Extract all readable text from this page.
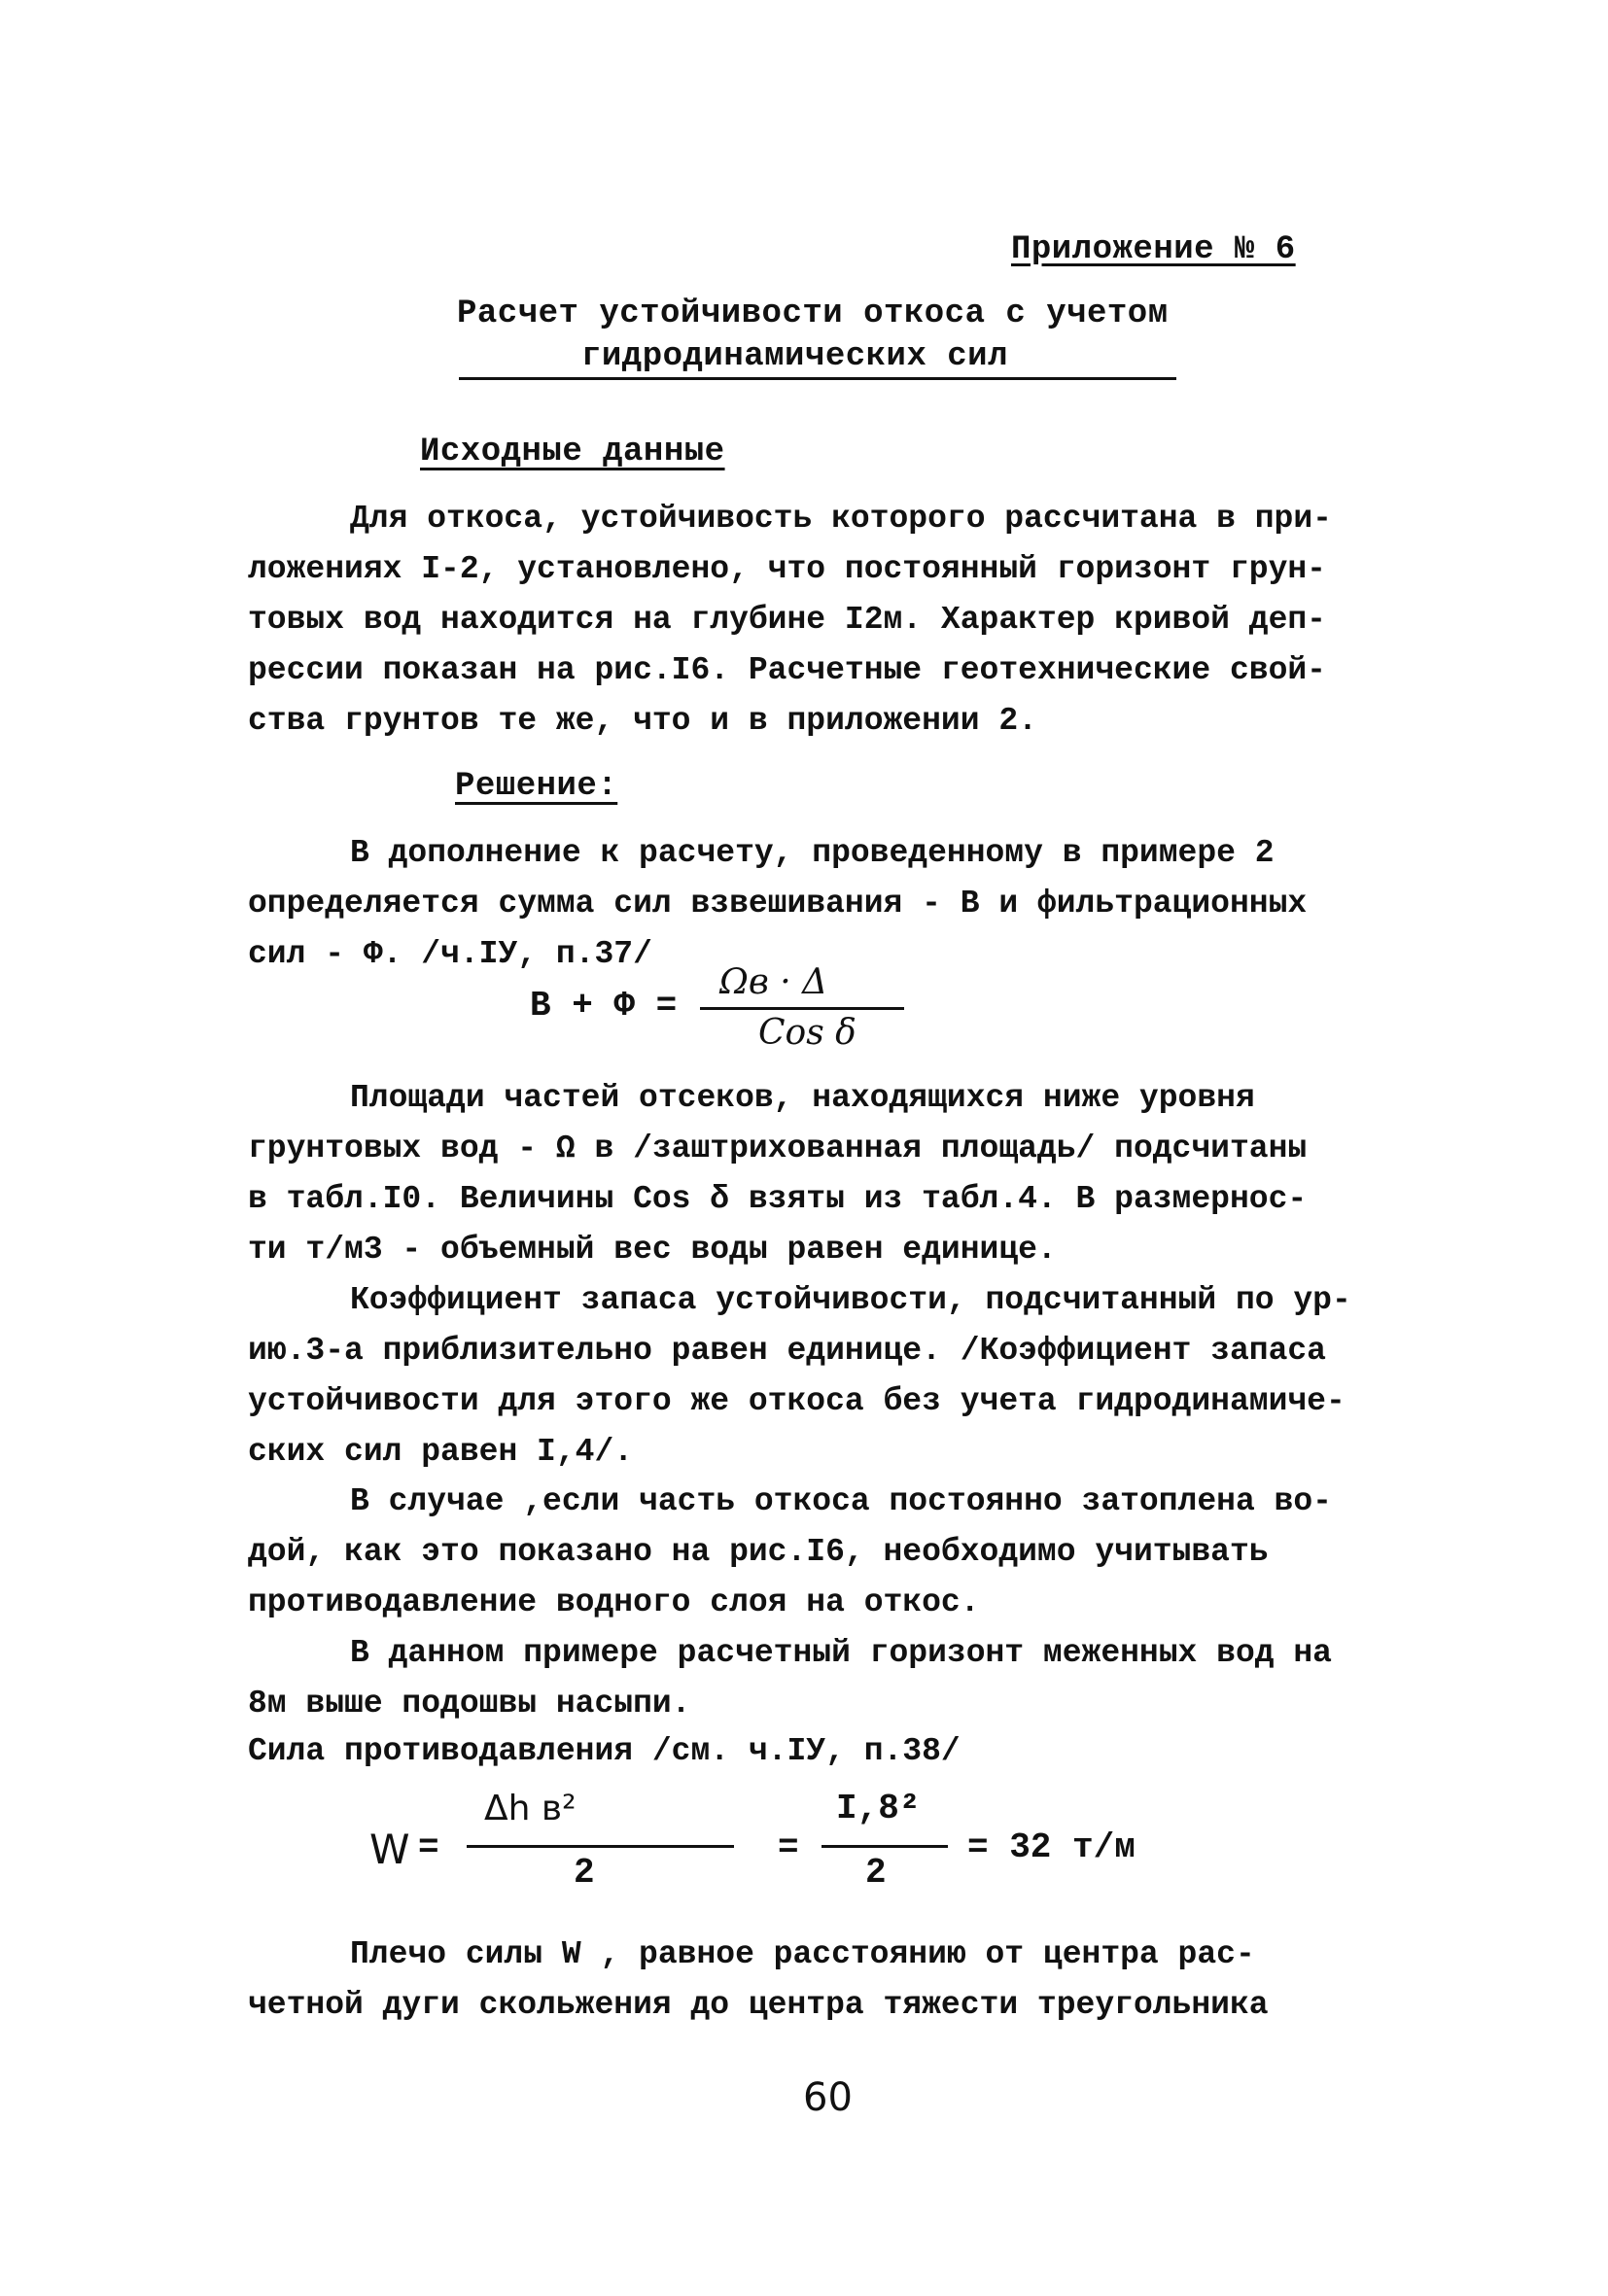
Приложение № 6
Расчет устойчивости откоса с учетом
гидродинамических сил
Исходные данные
Для откоса, устойчивость которого рассчитана в при-
ложениях I-2, установлено, что постоянный горизонт грун-
товых вод находится на глубине I2м. Характер кривой деп-
рессии показан на рис.I6. Расчетные геотехнические свой-
ства грунтов те же, что и в приложении 2.
Решение:
В дополнение к расчету, проведенному в примере 2
определяется сумма сил взвешивания - В и фильтрационных
сил - Ф. /ч.IУ, п.37/
В + Ф =
Ωв · Δ
Cos δ
Площади частей отсеков, находящихся ниже уровня
грунтовых вод - Ω в /заштрихованная площадь/ подсчитаны
в табл.I0. Величины Cos δ взяты из табл.4. В размернос-
ти т/м3 - объемный вес воды равен единице.
Коэффициент запаса устойчивости, подсчитанный по ур-
ию.3-а приблизительно равен единице. /Коэффициент запаса
устойчивости для этого же откоса без учета гидродинамиче-
ских сил равен I,4/.
В случае ,если часть откоса постоянно затоплена во-
дой, как это показано на рис.I6, необходимо учитывать
противодавление водного слоя на откос.
В данном примере расчетный горизонт меженных вод на
8м выше подошвы насыпи.
Сила противодавления /см. ч.IУ, п.38/
W =
Δh в²
2
=
I,8²
2
= 32 т/м
Плечо силы W , равное расстоянию от центра рас-
четной дуги скольжения до центра тяжести треугольника
60
